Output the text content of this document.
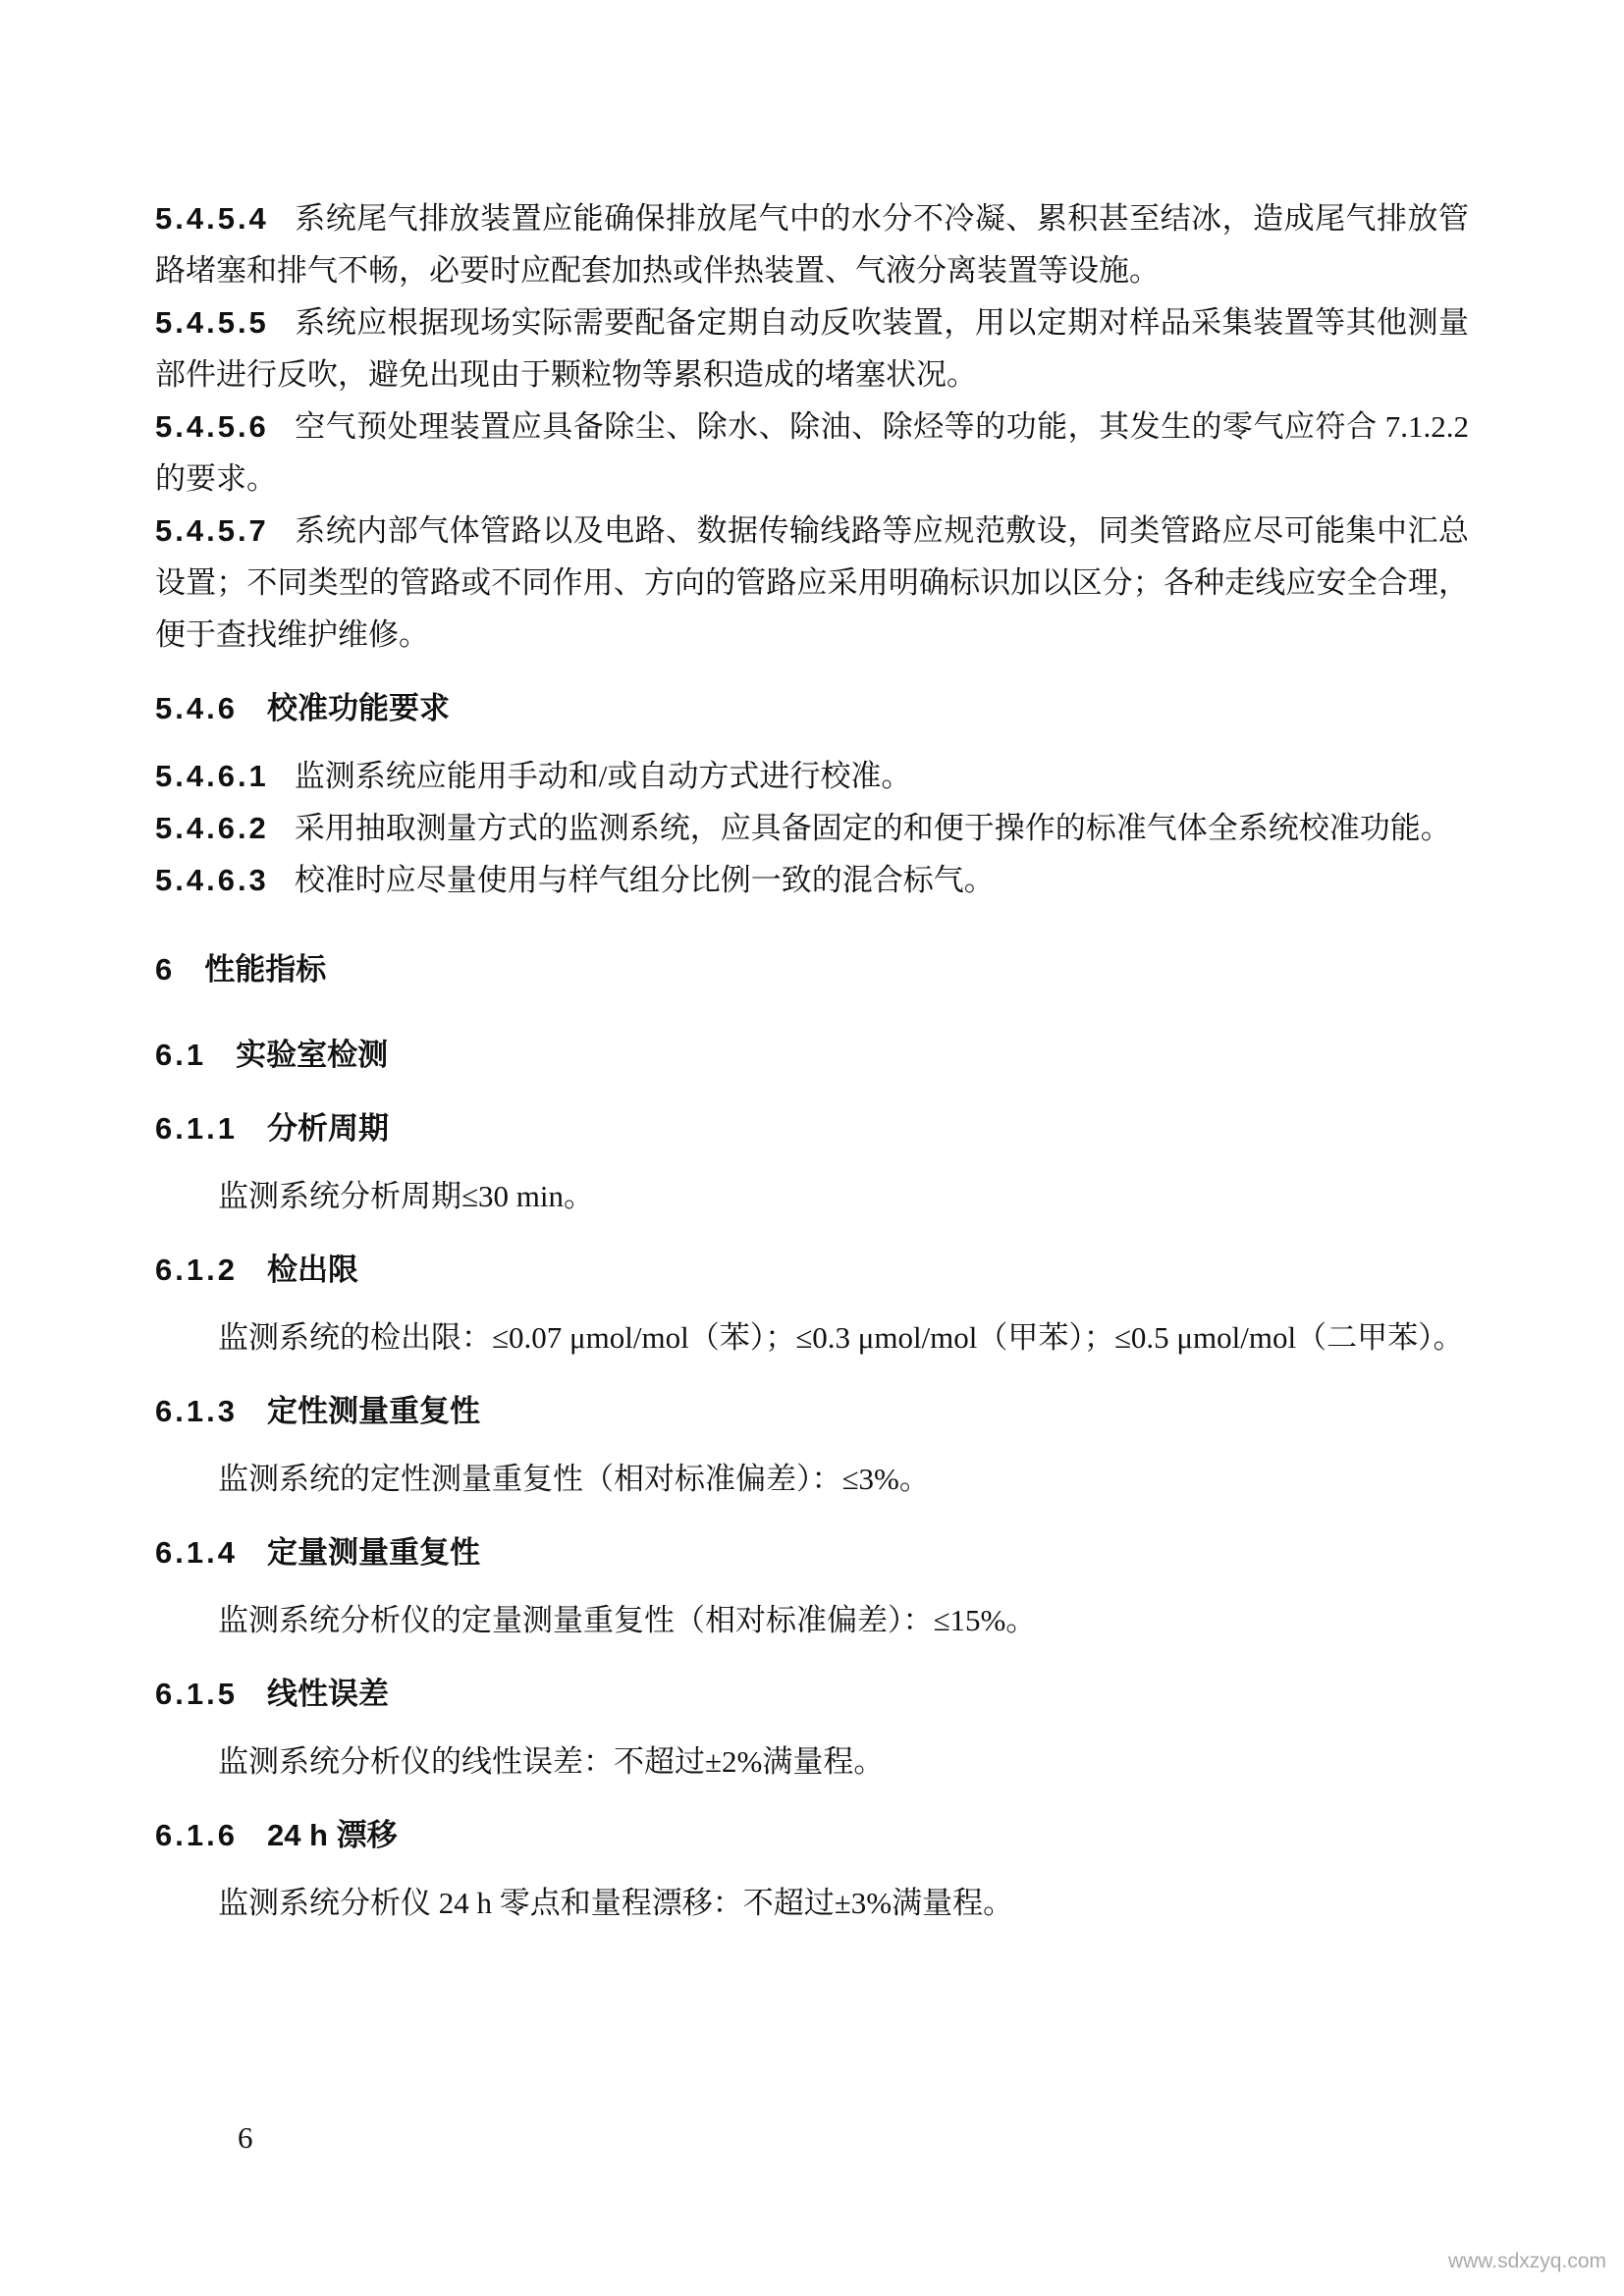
5.4.5.4 系统尾气排放装置应能确保排放尾气中的水分不冷凝、累积甚至结冰，造成尾气排放管路堵塞和排气不畅，必要时应配套加热或伴热装置、气液分离装置等设施。

5.4.5.5 系统应根据现场实际需要配备定期自动反吹装置，用以定期对样品采集装置等其他测量部件进行反吹，避免出现由于颗粒物等累积造成的堵塞状况。

5.4.5.6 空气预处理装置应具备除尘、除水、除油、除烃等的功能，其发生的零气应符合 7.1.2.2 的要求。

5.4.5.7 系统内部气体管路以及电路、数据传输线路等应规范敷设，同类管路应尽可能集中汇总设置；不同类型的管路或不同作用、方向的管路应采用明确标识加以区分；各种走线应安全合理，便于查找维护维修。

5.4.6 校准功能要求

5.4.6.1 监测系统应能用手动和/或自动方式进行校准。

5.4.6.2 采用抽取测量方式的监测系统，应具备固定的和便于操作的标准气体全系统校准功能。

5.4.6.3 校准时应尽量使用与样气组分比例一致的混合标气。

6 性能指标
6.1 实验室检测
6.1.1 分析周期

监测系统分析周期≤30 min。

6.1.2 检出限

监测系统的检出限：≤0.07 μmol/mol（苯）；≤0.3 μmol/mol（甲苯）；≤0.5 μmol/mol（二甲苯）。

6.1.3 定性测量重复性

监测系统的定性测量重复性（相对标准偏差）：≤3%。

6.1.4 定量测量重复性

监测系统分析仪的定量测量重复性（相对标准偏差）：≤15%。

6.1.5 线性误差

监测系统分析仪的线性误差：不超过±2%满量程。

6.1.6 24 h 漂移

监测系统分析仪 24 h 零点和量程漂移：不超过±3%满量程。

6
www.sdxzyq.com
